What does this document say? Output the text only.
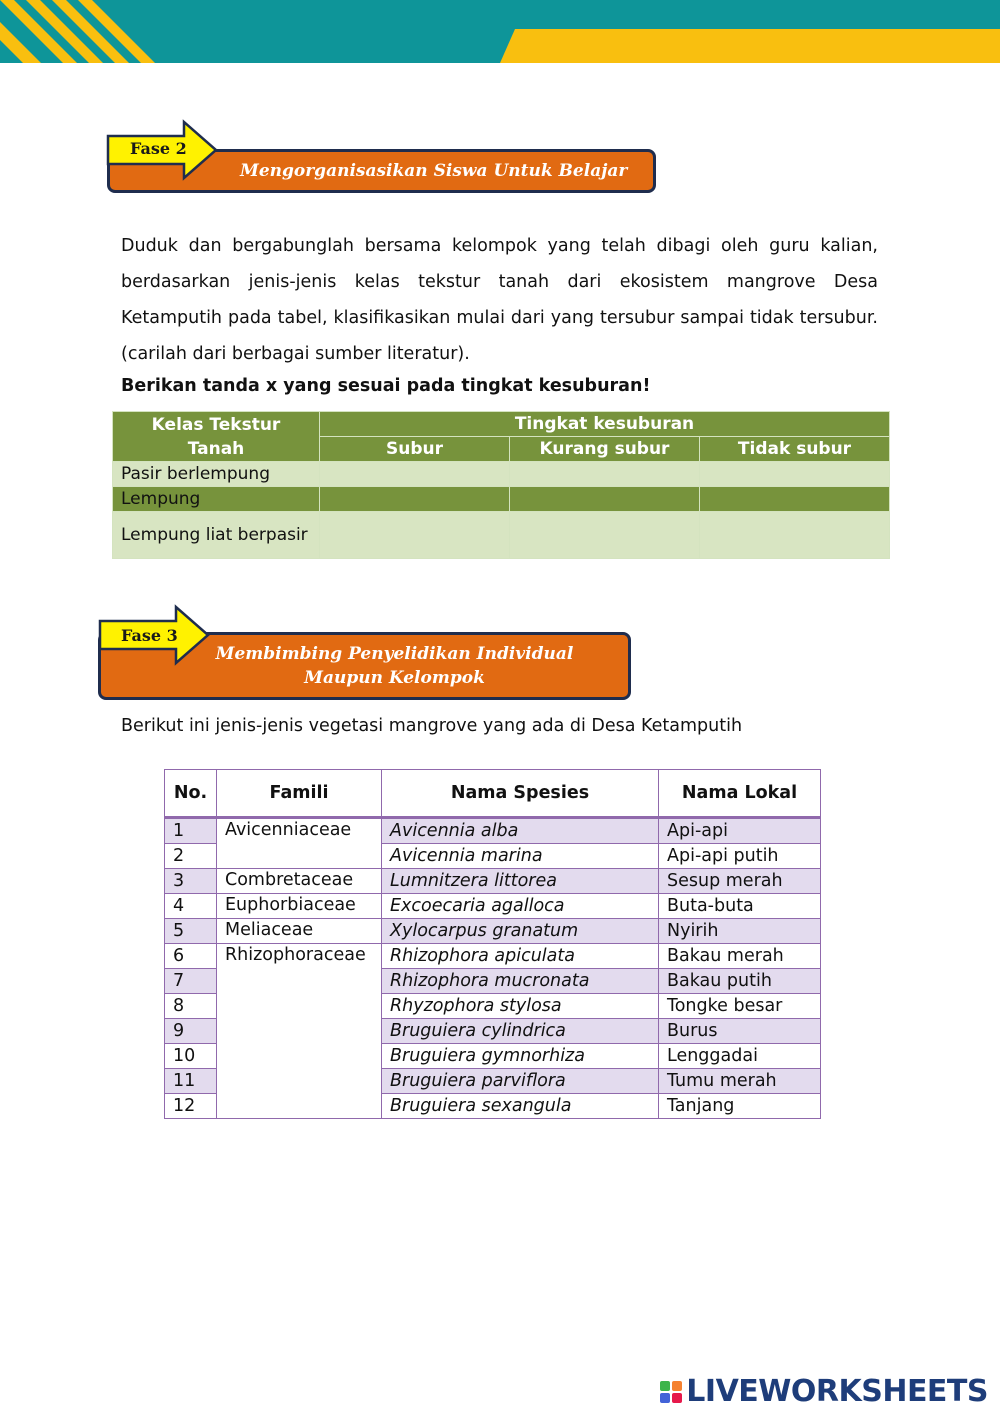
Mengorganisasikan Siswa Untuk Belajar
Fase 2
Duduk dan bergabunglah bersama kelompok yang telah dibagi oleh guru kalian, berdasarkan jenis-jenis kelas tekstur tanah dari ekosistem mangrove Desa Ketamputih pada tabel, klasifikasikan mulai dari yang tersubur sampai tidak tersubur. (carilah dari berbagai sumber literatur).
Berikan tanda x yang sesuai pada tingkat kesuburan!
Kelas Tekstur Tanah	Tingkat kesuburan		
	Subur	Kurang subur	Tidak subur
Pasir berlempung			
Lempung			
Lempung liat berpasir			
Membimbing Penyelidikan Individual
Maupun Kelompok
Fase 3
Berikut ini jenis-jenis vegetasi mangrove yang ada di Desa Ketamputih
No.	Famili	Nama Spesies	Nama Lokal
1	Avicenniaceae	Avicennia alba	Api-api
2		Avicennia marina	Api-api putih
3	Combretaceae	Lumnitzera littorea	Sesup merah
4	Euphorbiaceae	Excoecaria agalloca	Buta-buta
5	Meliaceae	Xylocarpus granatum	Nyirih
6	Rhizophoraceae	Rhizophora apiculata	Bakau merah
7		Rhizophora mucronata	Bakau putih
8		Rhyzophora stylosa	Tongke besar
9		Bruguiera cylindrica	Burus
10		Bruguiera gymnorhiza	Lenggadai
11		Bruguiera parviflora	Tumu merah
12		Bruguiera sexangula	Tanjang
LIVEWORKSHEETS
